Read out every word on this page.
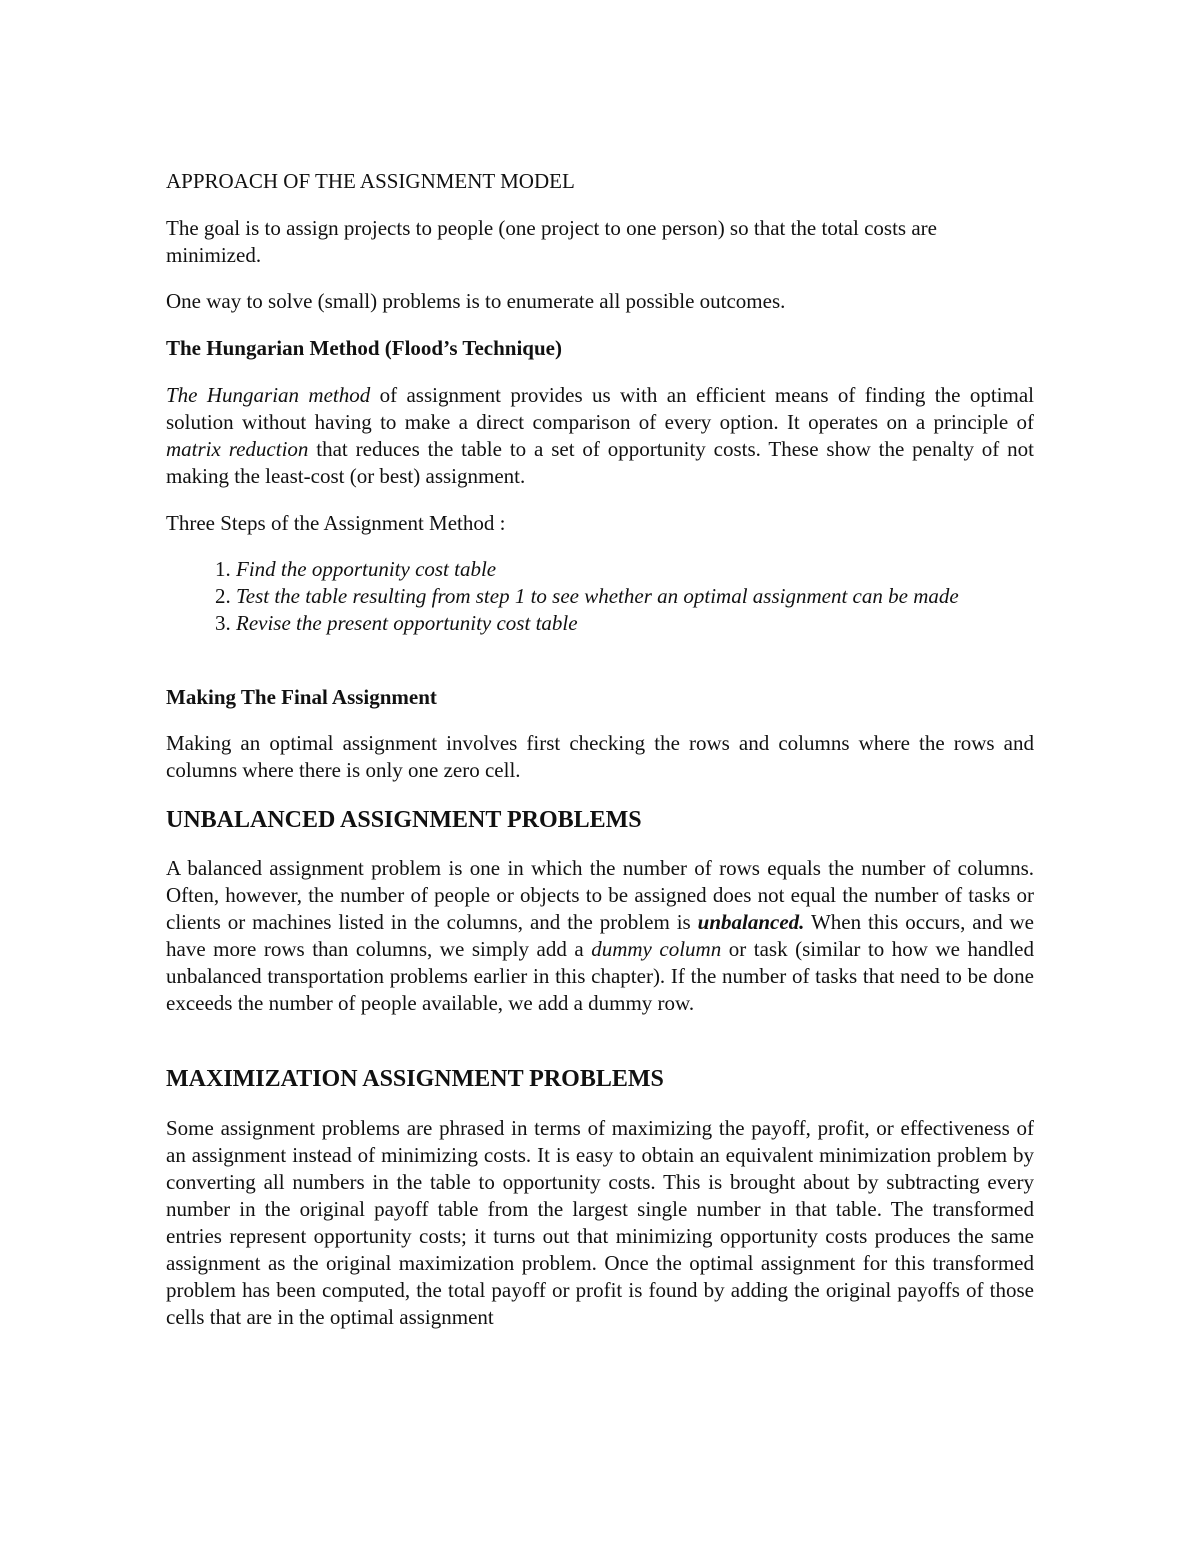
APPROACH OF THE ASSIGNMENT MODEL

The goal is to assign projects to people (one project to one person) so that the total costs are minimized.

One way to solve (small) problems is to enumerate all possible outcomes.

The Hungarian Method (Flood’s Technique)

The Hungarian method of assignment provides us with an efficient means of finding the optimal solution without having to make a direct comparison of every option. It operates on a principle of matrix reduction that reduces the table to a set of opportunity costs. These show the penalty of not making the least-cost (or best) assignment.

Three Steps of the Assignment Method :

1. Find the opportunity cost table
2. Test the table resulting from step 1 to see whether an optimal assignment can be made
3. Revise the present opportunity cost table

Making The Final Assignment

Making an optimal assignment involves first checking the rows and columns where the rows and columns where there is only one zero cell.

UNBALANCED ASSIGNMENT PROBLEMS

A balanced assignment problem is one in which the number of rows equals the number of columns. Often, however, the number of people or objects to be assigned does not equal the number of tasks or clients or machines listed in the columns, and the problem is unbalanced. When this occurs, and we have more rows than columns, we simply add a dummy column or task (similar to how we handled unbalanced transportation problems earlier in this chapter). If the number of tasks that need to be done exceeds the number of people available, we add a dummy row.

MAXIMIZATION ASSIGNMENT PROBLEMS

Some assignment problems are phrased in terms of maximizing the payoff, profit, or effectiveness of an assignment instead of minimizing costs. It is easy to obtain an equivalent minimization problem by converting all numbers in the table to opportunity costs. This is brought about by subtracting every number in the original payoff table from the largest single number in that table. The transformed entries represent opportunity costs; it turns out that minimizing opportunity costs produces the same assignment as the original maximization problem. Once the optimal assignment for this transformed problem has been computed, the total payoff or profit is found by adding the original payoffs of those cells that are in the optimal assignment
